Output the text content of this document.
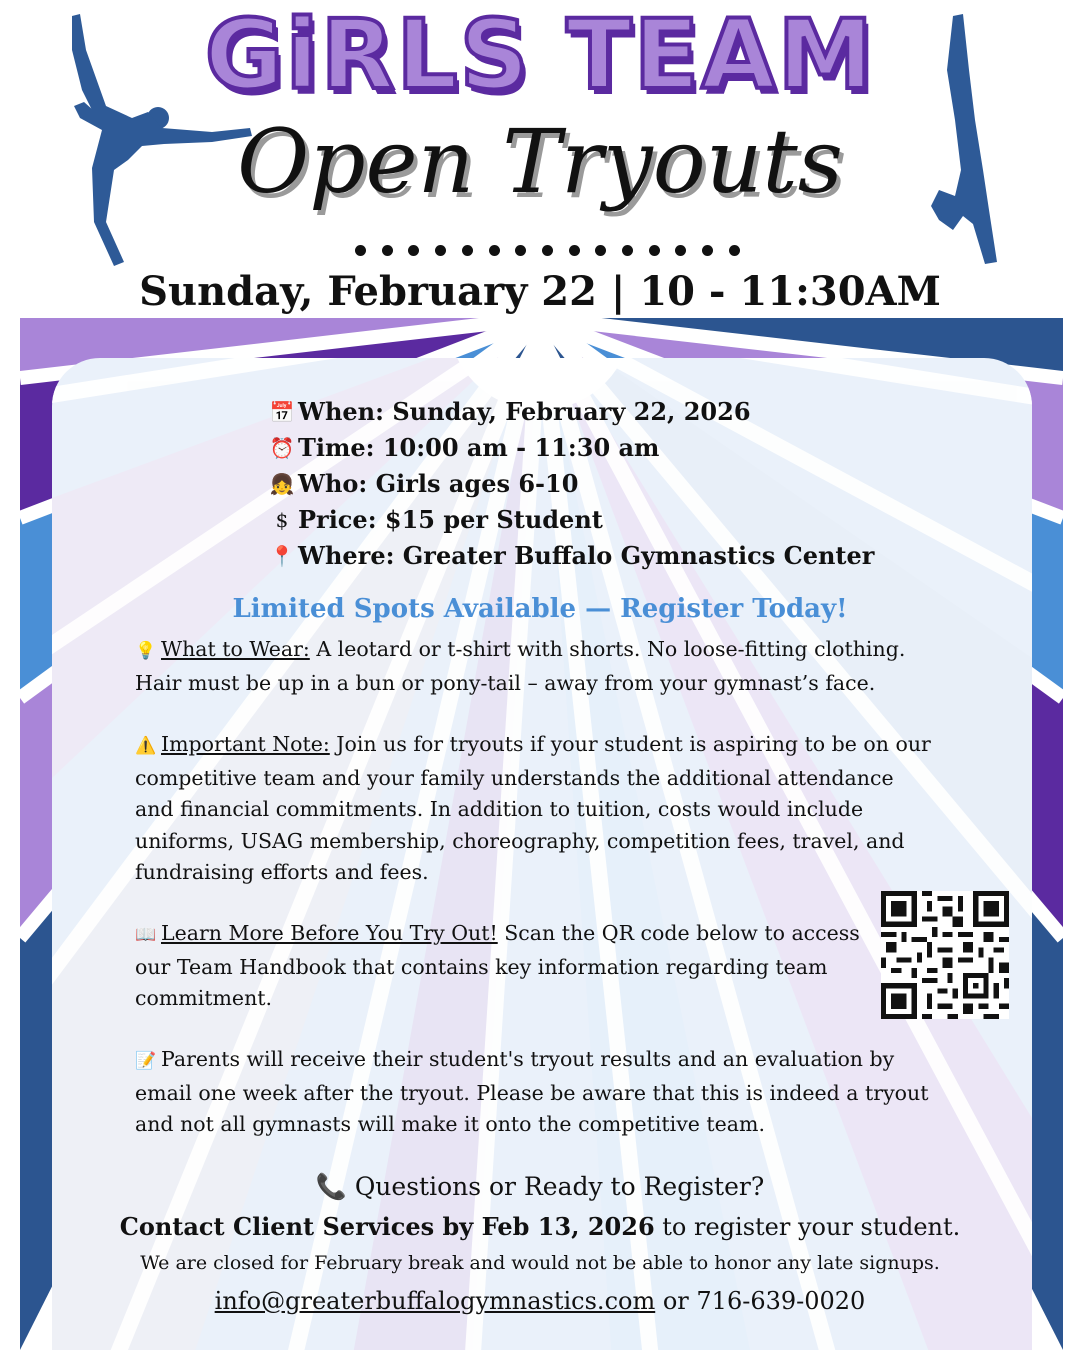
GiRLS TEAM
Open Tryouts
Sunday, February 22 | 10 - 11:30AM
📅 When: Sunday, February 22, 2026
⏰ Time: 10:00 am - 11:30 am
👧 Who: Girls ages 6-10
$ Price: $15 per Student
📍 Where: Greater Buffalo Gymnastics Center
Limited Spots Available — Register Today!
💡 What to Wear: A leotard or t-shirt with shorts. No loose-fitting clothing. Hair must be up in a bun or pony-tail – away from your gymnast’s face.
⚠️ Important Note: Join us for tryouts if your student is aspiring to be on our competitive team and your family understands the additional attendance and financial commitments. In addition to tuition, costs would include uniforms, USAG membership, choreography, competition fees, travel, and fundraising efforts and fees.
📖 Learn More Before You Try Out! Scan the QR code below to access our Team Handbook that contains key information regarding team commitment.
📝 Parents will receive their student's tryout results and an evaluation by email one week after the tryout. Please be aware that this is indeed a tryout and not all gymnasts will make it onto the competitive team.
📞 Questions or Ready to Register?
Contact Client Services by Feb 13, 2026 to register your student.
We are closed for February break and would not be able to honor any late signups.
info@greaterbuffalogymnastics.com or 716-639-0020
